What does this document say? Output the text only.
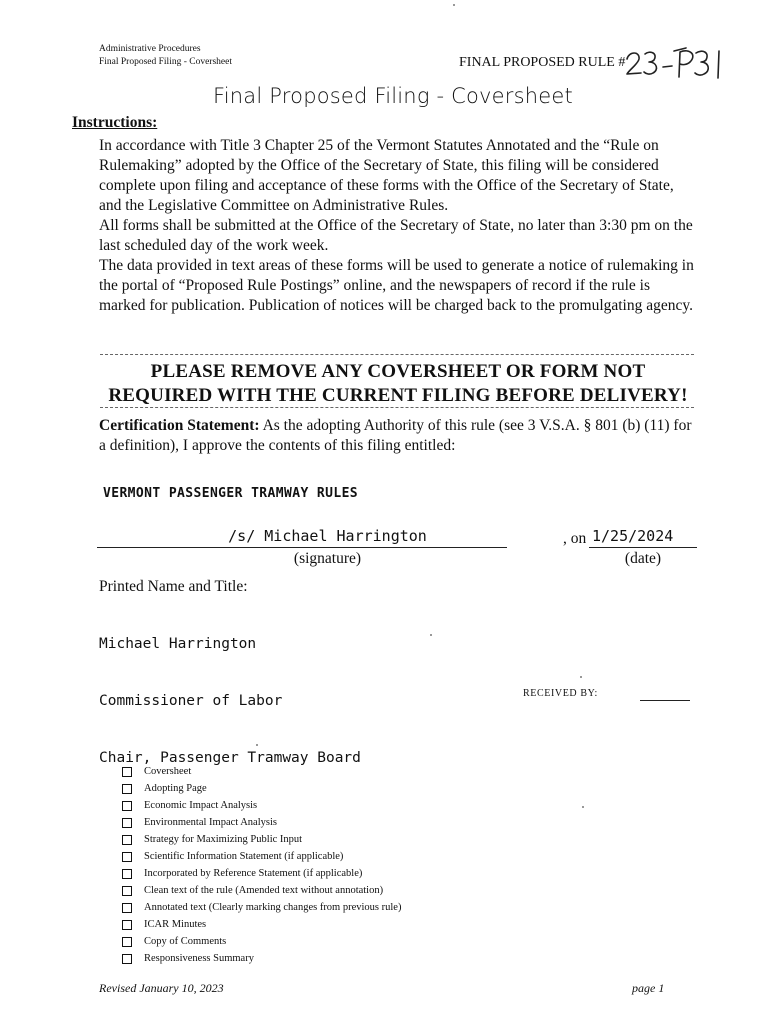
Administrative Procedures
Final Proposed Filing - Coversheet	FINAL PROPOSED RULE #
Final Proposed Filing - Coversheet
Instructions:

In accordance with Title 3 Chapter 25 of the Vermont Statutes Annotated and the “Rule on Rulemaking” adopted by the Office of the Secretary of State, this filing will be considered complete upon filing and acceptance of these forms with the Office of the Secretary of State, and the Legislative Committee on Administrative Rules.

All forms shall be submitted at the Office of the Secretary of State, no later than 3:30 pm on the last scheduled day of the work week.

The data provided in text areas of these forms will be used to generate a notice of rulemaking in the portal of “Proposed Rule Postings” online, and the newspapers of record if the rule is marked for publication. Publication of notices will be charged back to the promulgating agency.

PLEASE REMOVE ANY COVERSHEET OR FORM NOT
REQUIRED WITH THE CURRENT FILING BEFORE DELIVERY!
Certification Statement: As the adopting Authority of this rule (see 3 V.S.A. § 801 (b) (11) for a definition), I approve the contents of this filing entitled:
VERMONT PASSENGER TRAMWAY RULES
/s/ Michael Harrington
(signature)
, on 1/25/2024
(date)
Printed Name and Title:

Michael Harrington

Commissioner of Labor

Chair, Passenger Tramway Board

RECEIVED BY:
Coversheet
Adopting Page
Economic Impact Analysis
Environmental Impact Analysis
Strategy for Maximizing Public Input
Scientific Information Statement (if applicable)
Incorporated by Reference Statement (if applicable)
Clean text of the rule (Amended text without annotation)
Annotated text (Clearly marking changes from previous rule)
ICAR Minutes
Copy of Comments
Responsiveness Summary
Revised January 10, 2023	page 1
